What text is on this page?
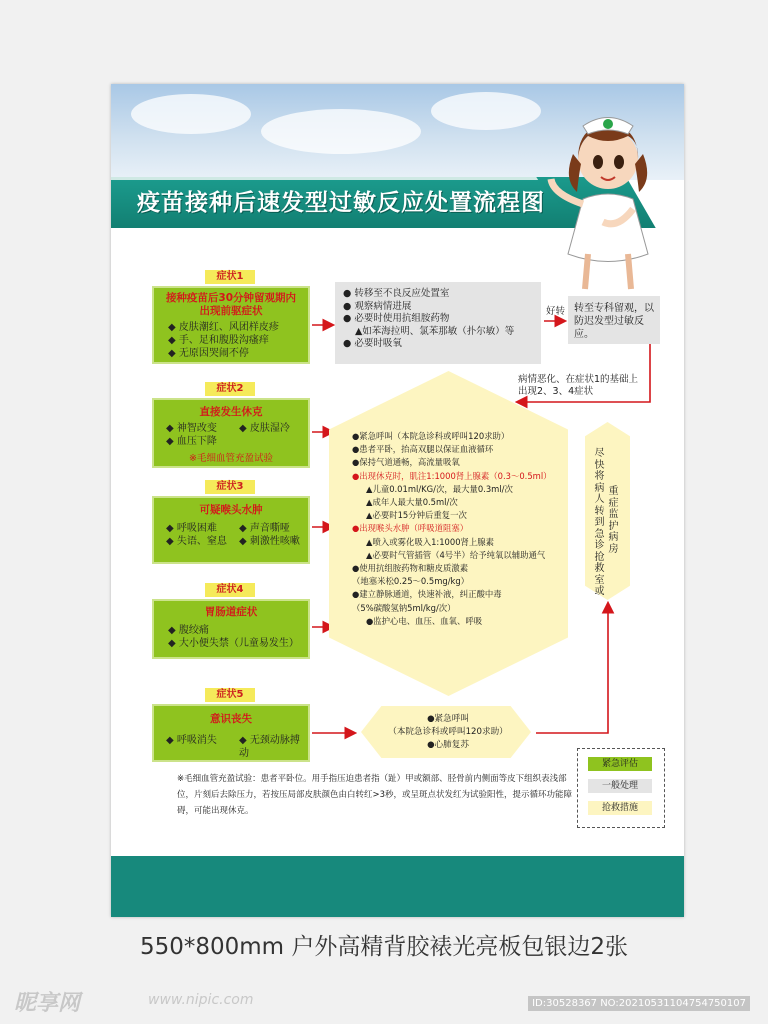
疫苗接种后速发型过敏反应处置流程图
症状1
接种疫苗后30分钟留观期内
出现前驱症状
◆ 皮肤潮红、风团样皮疹
◆ 手、足和腹股沟瘙痒
◆ 无原因哭闹不停
症状2
直接发生休克
◆ 神智改变	◆ 皮肤湿冷
◆ 血压下降
※毛细血管充盈试验
症状3
可疑喉头水肿
◆ 呼吸困难	◆ 声音嘶哑
◆ 失语、窒息	◆ 刺激性咳嗽
症状4
胃肠道症状
◆ 腹绞痛
◆ 大小便失禁（儿童易发生）
症状5
意识丧失
◆ 呼吸消失	◆ 无颈动脉搏动
● 转移至不良反应处置室
● 观察病情进展
● 必要时使用抗组胺药物
▲如苯海拉明、氯苯那敏（扑尔敏）等
● 必要时吸氧
好转 转至专科留观，以防迟发型过敏反应。
病情恶化、在症状1的基础上
出现2、3、4症状
●紧急呼叫（本院急诊科或呼叫120求助）
●患者平卧，抬高双腿以保证血液循环
●保持气道通畅，高流量吸氧
●出现休克时，肌注1:1000肾上腺素（0.3～0.5ml）
▲儿童0.01ml/KG/次，最大量0.3ml/次
▲成年人最大量0.5ml/次
▲必要时15分钟后重复一次
●出现喉头水肿（呼吸道阻塞）
▲喷入或雾化吸入1:1000肾上腺素
▲必要时气管插管（4号半）给予纯氧以辅助通气
●使用抗组胺药物和糖皮质激素
（地塞米松0.25～0.5mg/kg）
●建立静脉通道，快速补液，纠正酸中毒
（5%碳酸氢钠5ml/kg/次）
●监护心电、血压、血氧、呼吸
●紧急呼叫
（本院急诊科或呼叫120求助）
●心肺复苏
尽快将病人转到急诊抢救室或
重症监护病房
※毛细血管充盈试验：患者平卧位。用手指压迫患者指（趾）甲或额部、胫骨前内侧面等皮下组织表浅部位，片刻后去除压力，若按压局部皮肤颜色由白转红>3秒，或呈斑点状发红为试验阳性，提示循环功能障碍，可能出现休克。
紧急评估
一般处理
抢救措施
550*800mm 户外高精背胶裱光亮板包银边2张
昵享网	www.nipic.com	ID:30528367 NO:20210531104754750107
